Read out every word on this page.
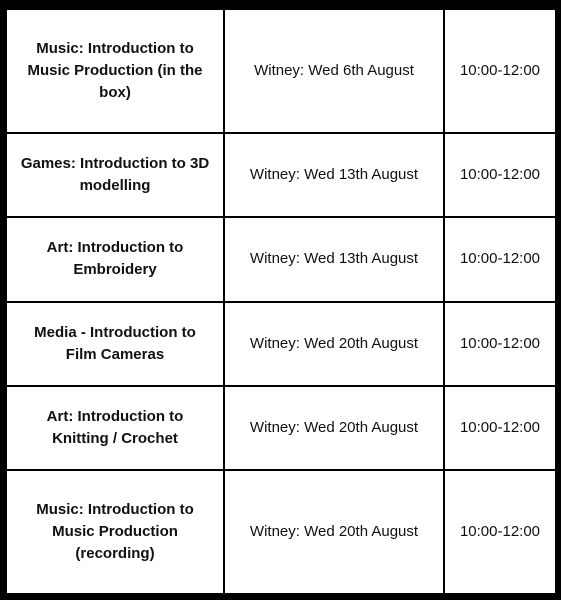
Music: Introduction to Music Production (in the box)	Witney: Wed 6th August	10:00-12:00
Games: Introduction to 3D modelling	Witney: Wed 13th August	10:00-12:00
Art: Introduction to Embroidery	Witney: Wed 13th August	10:00-12:00
Media - Introduction to Film Cameras	Witney: Wed 20th August	10:00-12:00
Art: Introduction to Knitting / Crochet	Witney: Wed 20th August	10:00-12:00
Music: Introduction to Music Production (recording)	Witney: Wed 20th August	10:00-12:00
